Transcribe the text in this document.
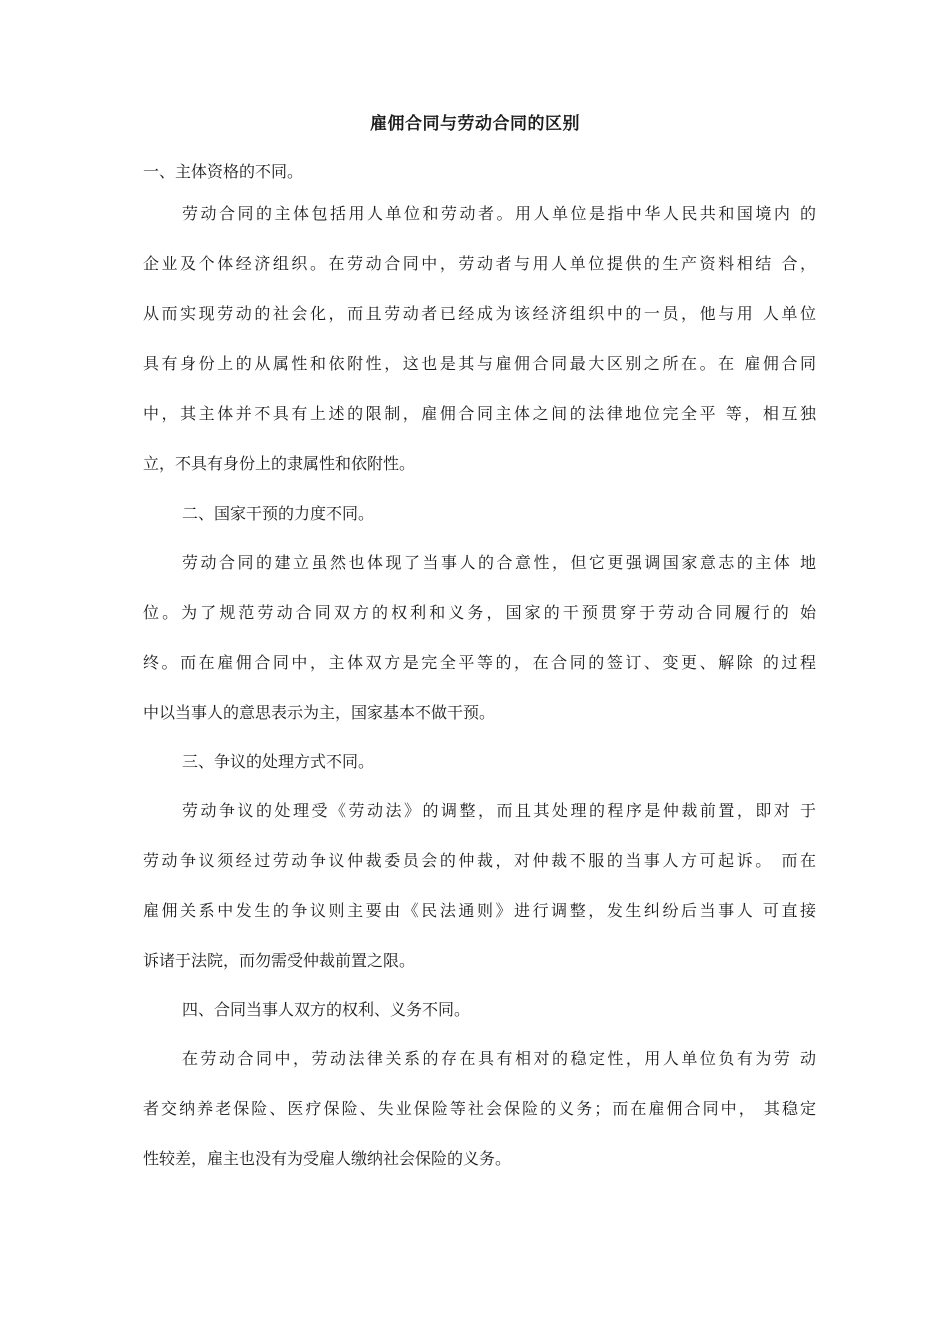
雇佣合同与劳动合同的区别
一、主体资格的不同。
劳动合同的主体包括用人单位和劳动者。用人单位是指中华人民共和国境内 的
企业及个体经济组织。在劳动合同中，劳动者与用人单位提供的生产资料相结 合，
从而实现劳动的社会化，而且劳动者已经成为该经济组织中的一员，他与用 人单位
具有身份上的从属性和依附性，这也是其与雇佣合同最大区别之所在。在 雇佣合同
中，其主体并不具有上述的限制，雇佣合同主体之间的法律地位完全平 等，相互独
立，不具有身份上的隶属性和依附性。
二、国家干预的力度不同。
劳动合同的建立虽然也体现了当事人的合意性，但它更强调国家意志的主体 地
位。为了规范劳动合同双方的权利和义务，国家的干预贯穿于劳动合同履行的 始
终。而在雇佣合同中，主体双方是完全平等的，在合同的签订、变更、解除 的过程
中以当事人的意思表示为主，国家基本不做干预。
三、争议的处理方式不同。
劳动争议的处理受《劳动法》的调整，而且其处理的程序是仲裁前置，即对 于
劳动争议须经过劳动争议仲裁委员会的仲裁，对仲裁不服的当事人方可起诉。 而在
雇佣关系中发生的争议则主要由《民法通则》进行调整，发生纠纷后当事人 可直接
诉诸于法院，而勿需受仲裁前置之限。
四、合同当事人双方的权利、义务不同。
在劳动合同中，劳动法律关系的存在具有相对的稳定性，用人单位负有为劳 动
者交纳养老保险、医疗保险、失业保险等社会保险的义务；而在雇佣合同中， 其稳定
性较差，雇主也没有为受雇人缴纳社会保险的义务。
